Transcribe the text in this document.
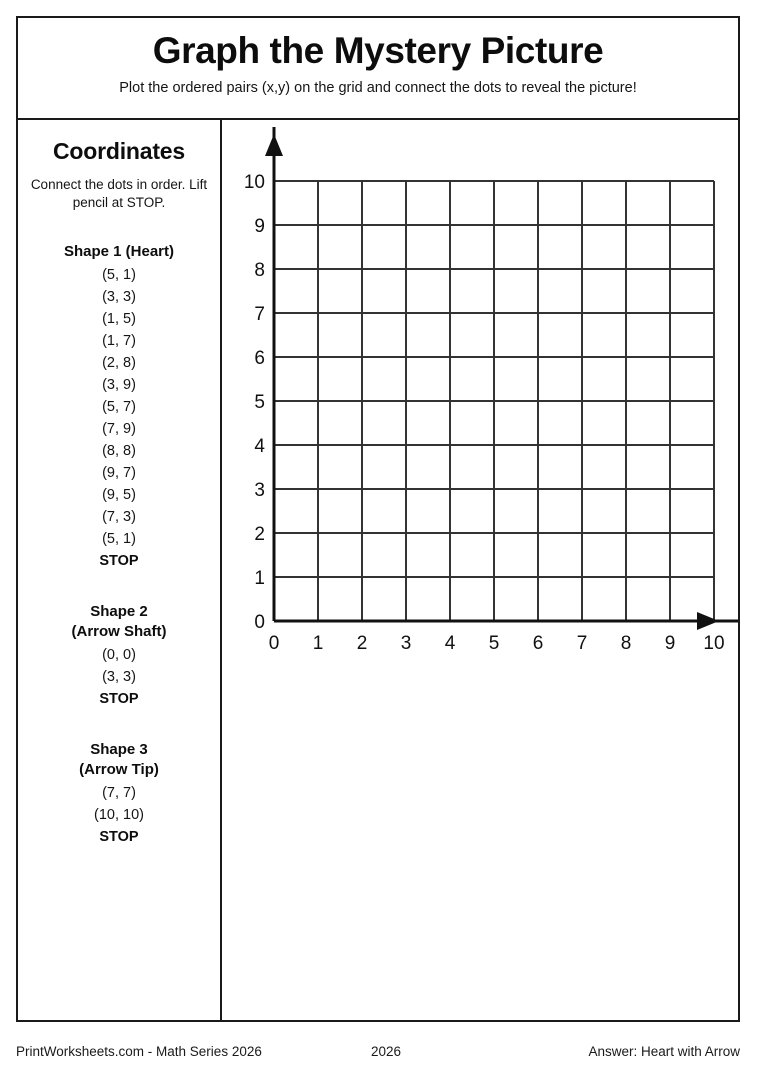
Graph the Mystery Picture

Plot the ordered pairs (x,y) on the grid and connect the dots to reveal the picture!

Coordinates

Connect the dots in order. Lift pencil at STOP.

Shape 1 (Heart)
(5, 1)
(3, 3)
(1, 5)
(1, 7)
(2, 8)
(3, 9)
(5, 7)
(7, 9)
(8, 8)
(9, 7)
(9, 5)
(7, 3)
(5, 1)
STOP
Shape 2
(Arrow Shaft)
(0, 0)
(3, 3)
STOP
Shape 3
(Arrow Tip)
(7, 7)
(10, 10)
STOP
0 1 2 3 4 5 6 7 8 9 10
0
1
2
3
4
5
6
7
8
9
10
PrintWorksheets.com - Math Series 2026	2026	Answer: Heart with Arrow
